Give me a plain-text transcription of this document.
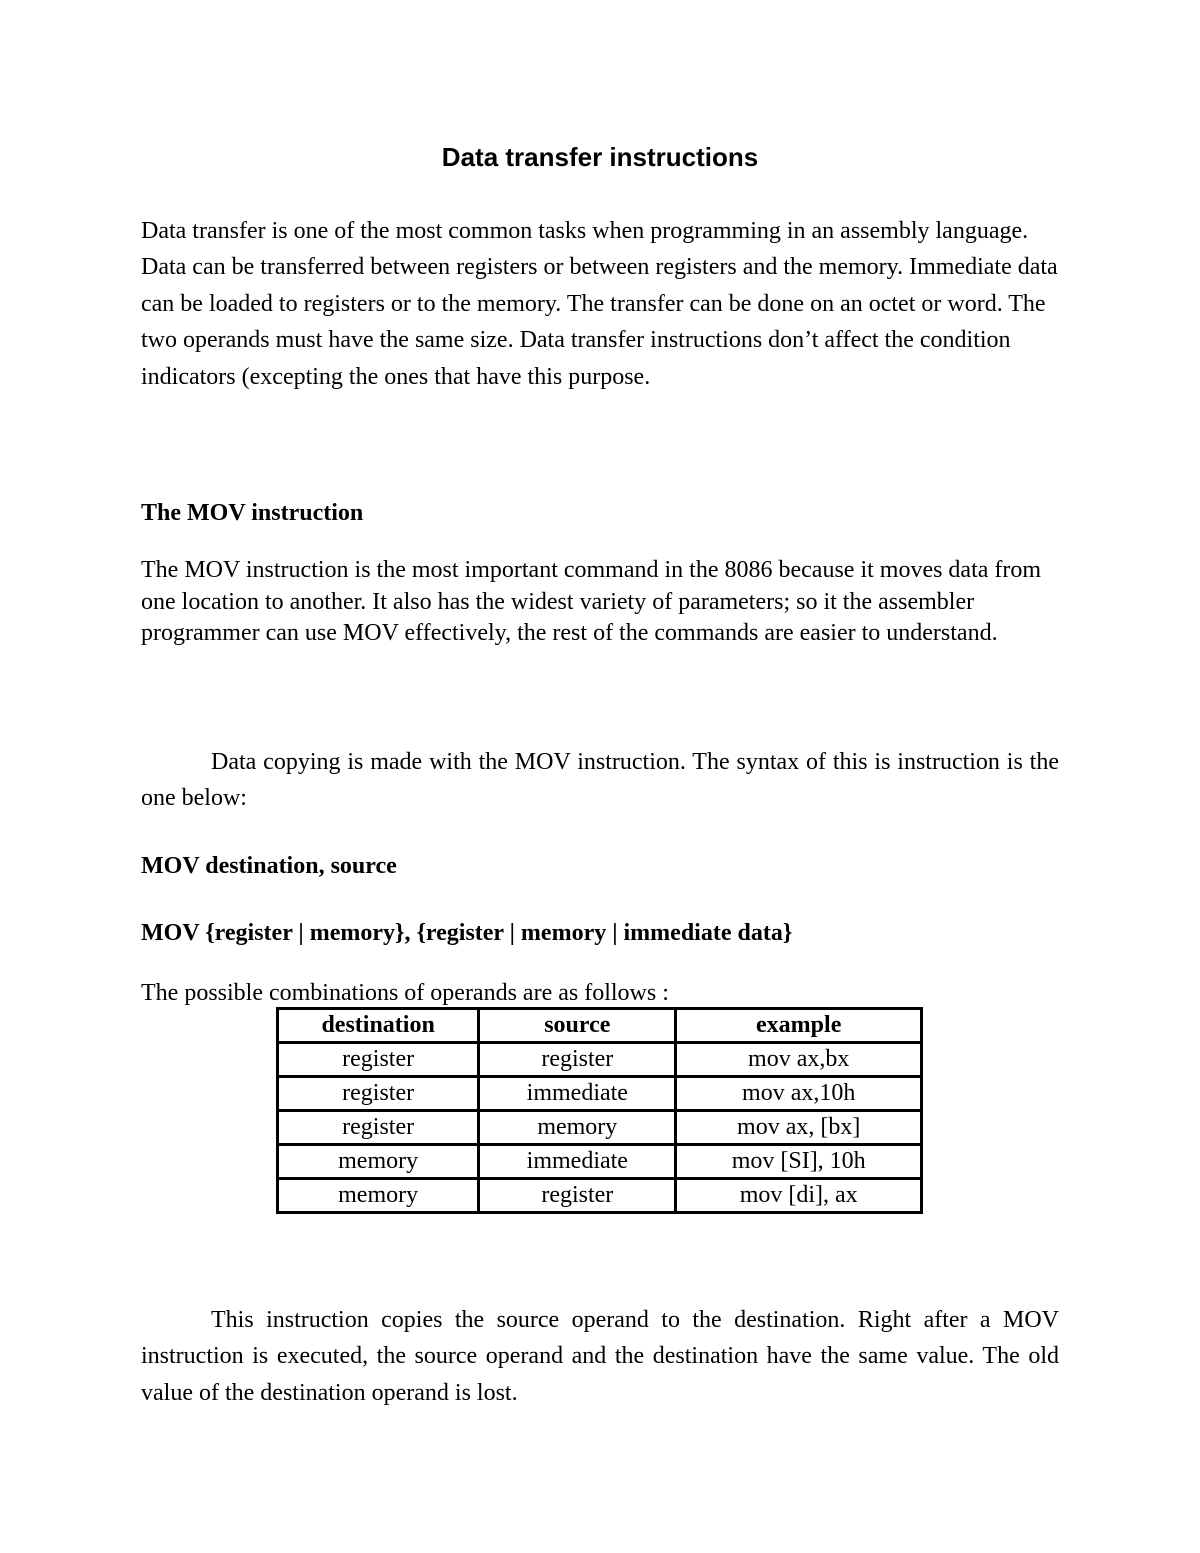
Data transfer instructions

Data transfer is one of the most common tasks when programming in an assembly language. Data can be transferred between registers or between registers and the memory. Immediate data can be loaded to registers or to the memory. The transfer can be done on an octet or word. The two operands must have the same size. Data transfer instructions don’t affect the condition indicators (excepting the ones that have this purpose.

The MOV instruction

The MOV instruction is the most important command in the 8086 because it moves data from one location to another. It also has the widest variety of parameters; so it the assembler programmer can use MOV effectively, the rest of the commands are easier to understand.

Data copying is made with the MOV instruction. The syntax of this is instruction is the one below:

MOV destination, source

MOV {register | memory}, {register | memory | immediate data}

The possible combinations of operands are as follows :

destination	source	example
register	register	mov ax,bx
register	immediate	mov ax,10h
register	memory	mov ax, [bx]
memory	immediate	mov [SI], 10h
memory	register	mov [di], ax

This instruction copies the source operand to the destination. Right after a MOV instruction is executed, the source operand and the destination have the same value. The old value of the destination operand is lost.
